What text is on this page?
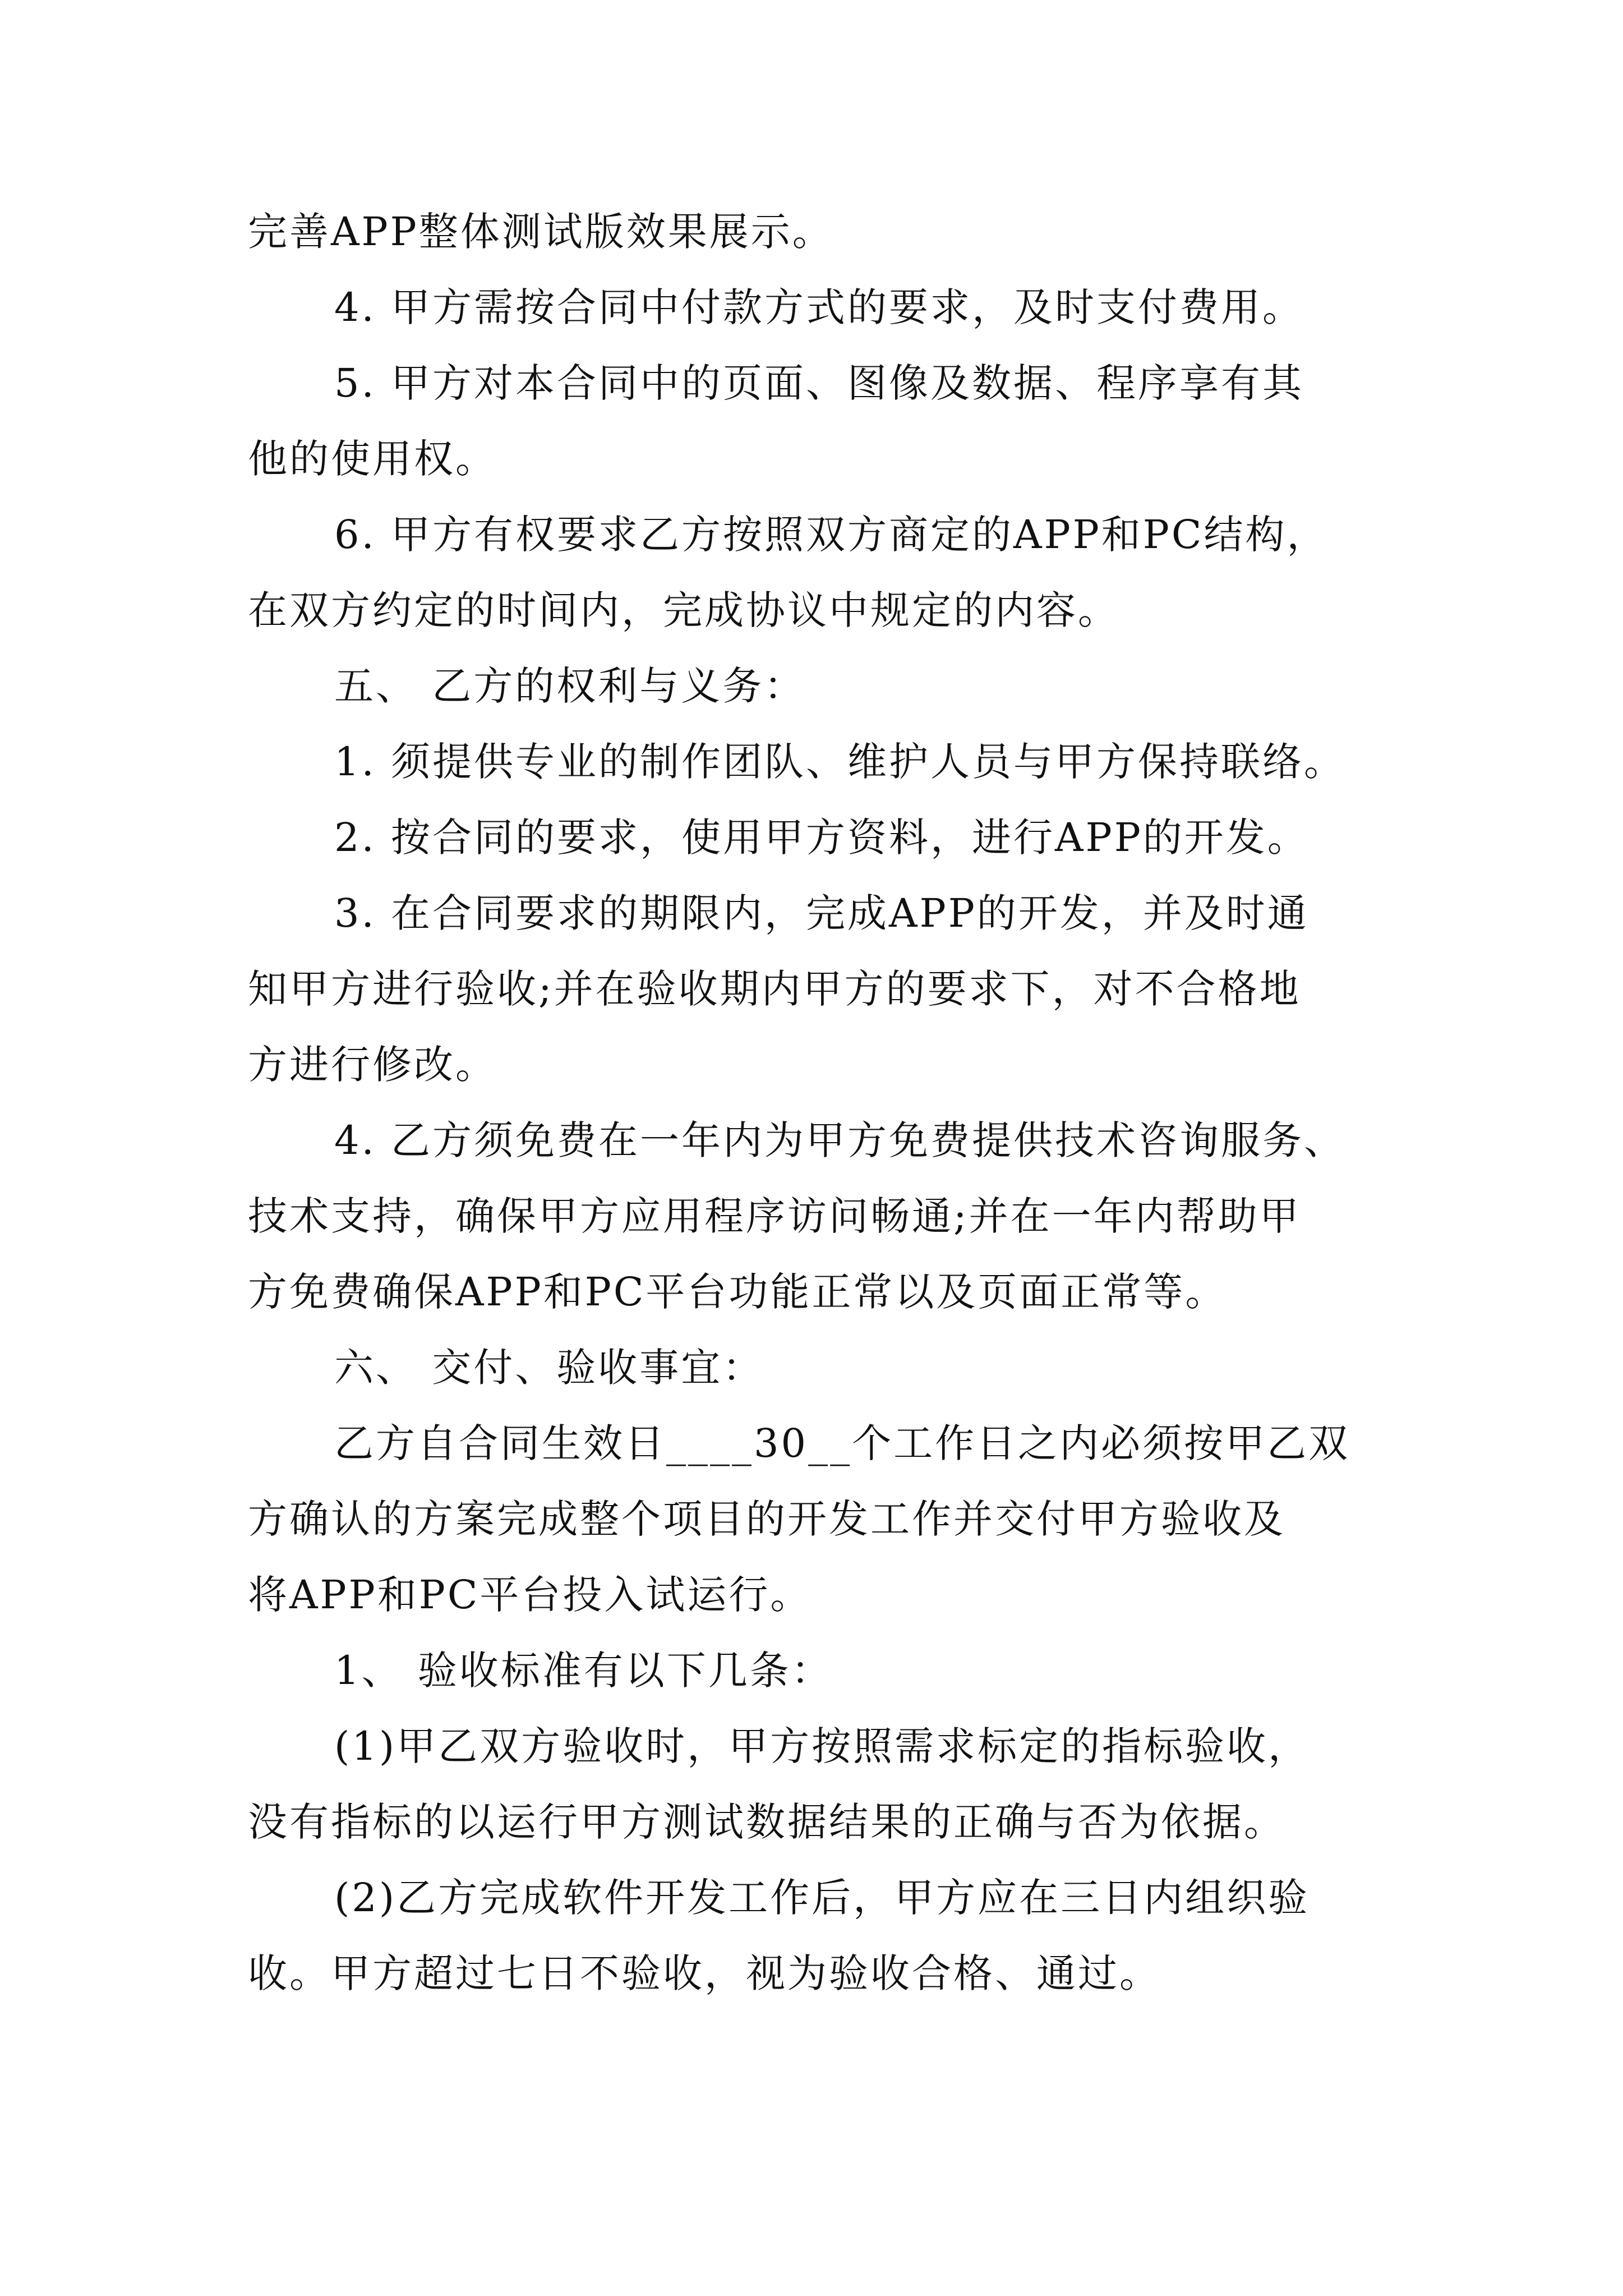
完善APP整体测试版效果展示。
4. 甲方需按合同中付款方式的要求，及时支付费用。
5. 甲方对本合同中的页面、图像及数据、程序享有其
他的使用权。
6. 甲方有权要求乙方按照双方商定的APP和PC结构，
在双方约定的时间内，完成协议中规定的内容。
五、 乙方的权利与义务：
1. 须提供专业的制作团队、维护人员与甲方保持联络。
2. 按合同的要求，使用甲方资料，进行APP的开发。
3. 在合同要求的期限内，完成APP的开发，并及时通
知甲方进行验收;并在验收期内甲方的要求下，对不合格地
方进行修改。
4. 乙方须免费在一年内为甲方免费提供技术咨询服务、
技术支持，确保甲方应用程序访问畅通;并在一年内帮助甲
方免费确保APP和PC平台功能正常以及页面正常等。
六、 交付、验收事宜：
乙方自合同生效日____30__个工作日之内必须按甲乙双
方确认的方案完成整个项目的开发工作并交付甲方验收及
将APP和PC平台投入试运行。
1、 验收标准有以下几条：
(1)甲乙双方验收时，甲方按照需求标定的指标验收，
没有指标的以运行甲方测试数据结果的正确与否为依据。
(2)乙方完成软件开发工作后，甲方应在三日内组织验
收。甲方超过七日不验收，视为验收合格、通过。
